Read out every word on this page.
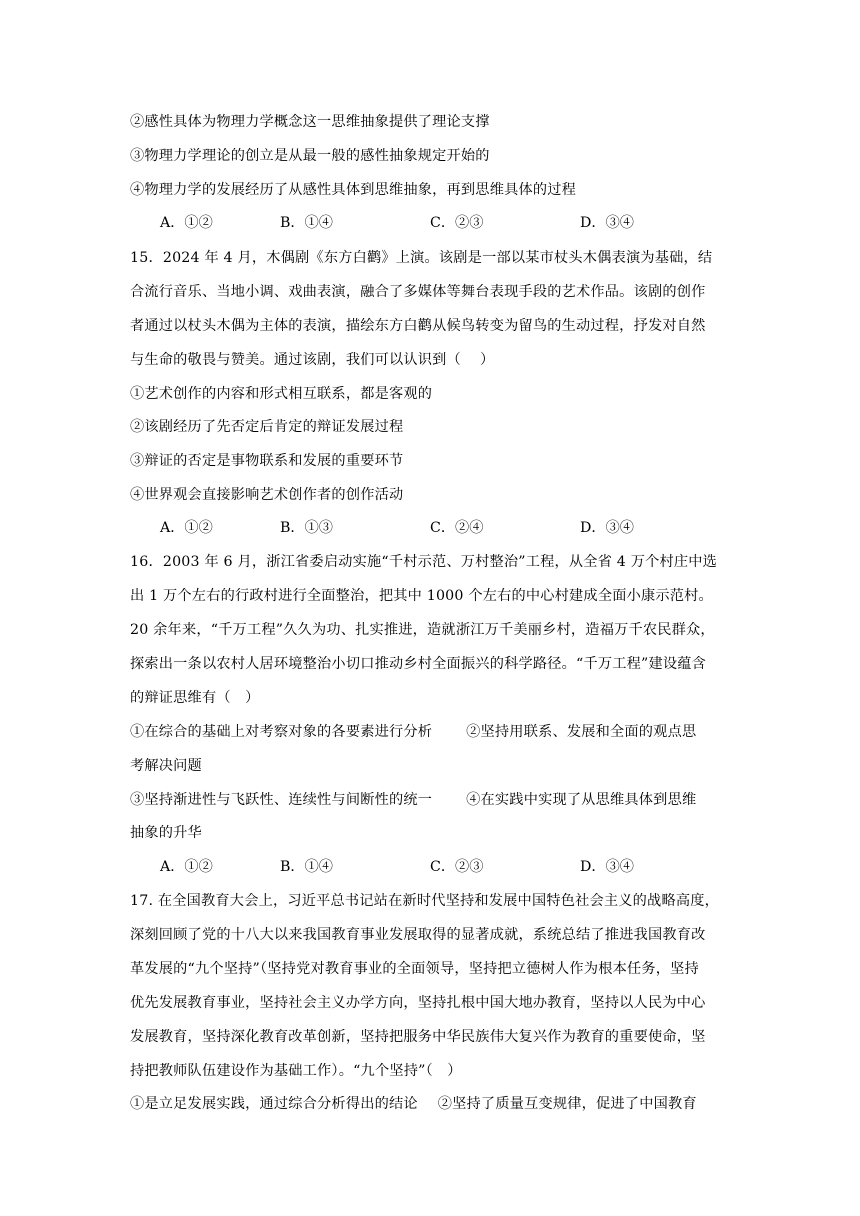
②感性具体为物理力学概念这一思维抽象提供了理论支撑
③物理力学理论的创立是从最一般的感性抽象规定开始的
④物理力学的发展经历了从感性具体到思维抽象，再到思维具体的过程
A．①②	B．①④	C．②③	D．③④
15．2024 年 4 月，木偶剧《东方白鹳》上演。该剧是一部以某市杖头木偶表演为基础，结
合流行音乐、当地小调、戏曲表演，融合了多媒体等舞台表现手段的艺术作品。该剧的创作
者通过以杖头木偶为主体的表演，描绘东方白鹳从候鸟转变为留鸟的生动过程，抒发对自然
与生命的敬畏与赞美。通过该剧，我们可以认识到（　 ）
①艺术创作的内容和形式相互联系，都是客观的
②该剧经历了先否定后肯定的辩证发展过程
③辩证的否定是事物联系和发展的重要环节
④世界观会直接影响艺术创作者的创作活动
A．①②	B．①③	C．②④	D．③④
16．2003 年 6 月，浙江省委启动实施“千村示范、万村整治”工程，从全省 4 万个村庄中选
出 1 万个左右的行政村进行全面整治，把其中 1000 个左右的中心村建成全面小康示范村。
20 余年来，“千万工程”久久为功、扎实推进，造就浙江万千美丽乡村，造福万千农民群众，
探索出一条以农村人居环境整治小切口推动乡村全面振兴的科学路径。“千万工程”建设蕴含
的辩证思维有（　）
①在综合的基础上对考察对象的各要素进行分析 ②坚持用联系、发展和全面的观点思
考解决问题
③坚持渐进性与飞跃性、连续性与间断性的统一 ④在实践中实现了从思维具体到思维
抽象的升华
A．①②	B．①④	C．②③	D．③④
17. 在全国教育大会上，习近平总书记站在新时代坚持和发展中国特色社会主义的战略高度，
深刻回顾了党的十八大以来我国教育事业发展取得的显著成就，系统总结了推进我国教育改
革发展的“九个坚持”（坚持党对教育事业的全面领导，坚持把立德树人作为根本任务，坚持
优先发展教育事业，坚持社会主义办学方向，坚持扎根中国大地办教育，坚持以人民为中心
发展教育，坚持深化教育改革创新，坚持把服务中华民族伟大复兴作为教育的重要使命，坚
持把教师队伍建设作为基础工作）。“九个坚持”（　）
①是立足发展实践，通过综合分析得出的结论 ②坚持了质量互变规律，促进了中国教育
